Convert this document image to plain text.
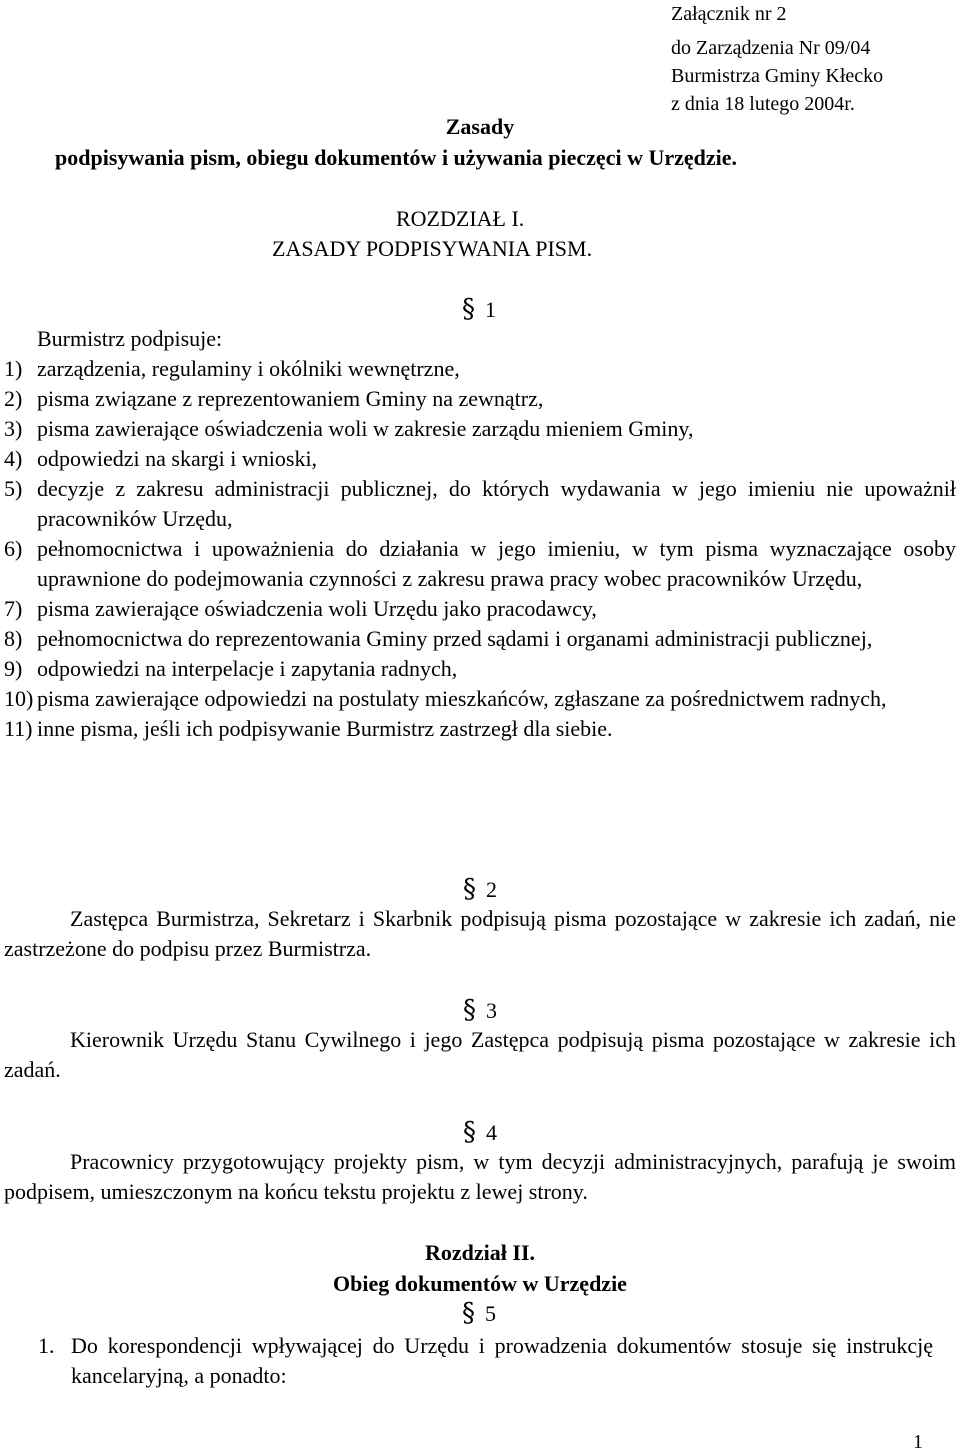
Załącznik nr 2
do Zarządzenia Nr 09/04
Burmistrza Gminy Kłecko
z dnia 18 lutego 2004r.
Zasady
podpisywania pism, obiegu dokumentów i używania pieczęci w Urzędzie.
ROZDZIAŁ I.
ZASADY PODPISYWANIA PISM.
§ 1
Burmistrz podpisuje:
1) zarządzenia, regulaminy i okólniki wewnętrzne,
2) pisma związane z reprezentowaniem Gminy na zewnątrz,
3) pisma zawierające oświadczenia woli w zakresie zarządu mieniem Gminy,
4) odpowiedzi na skargi i wnioski,
5) decyzje z zakresu administracji publicznej, do których wydawania w jego imieniu nie upoważnił pracowników Urzędu,
6) pełnomocnictwa i upoważnienia do działania w jego imieniu, w tym pisma wyznaczające osoby uprawnione do podejmowania czynności z zakresu prawa pracy wobec pracowników Urzędu,
7) pisma zawierające oświadczenia woli Urzędu jako pracodawcy,
8) pełnomocnictwa do reprezentowania Gminy przed sądami i organami administracji publicznej,
9) odpowiedzi na interpelacje i zapytania radnych,
10) pisma zawierające odpowiedzi na postulaty mieszkańców, zgłaszane za pośrednictwem radnych,
11) inne pisma, jeśli ich podpisywanie Burmistrz zastrzegł dla siebie.
§ 2
Zastępca Burmistrza, Sekretarz i Skarbnik podpisują pisma pozostające w zakresie ich zadań, nie zastrzeżone do podpisu przez Burmistrza.
§ 3
Kierownik Urzędu Stanu Cywilnego i jego Zastępca podpisują pisma pozostające w zakresie ich zadań.
§ 4
Pracownicy przygotowujący projekty pism, w tym decyzji administracyjnych, parafują je swoim podpisem, umieszczonym na końcu tekstu projektu z lewej strony.
Rozdział II.
Obieg dokumentów w Urzędzie
§ 5
1. Do korespondencji wpływającej do Urzędu i prowadzenia dokumentów stosuje się instrukcję kancelaryjną, a ponadto:
1
